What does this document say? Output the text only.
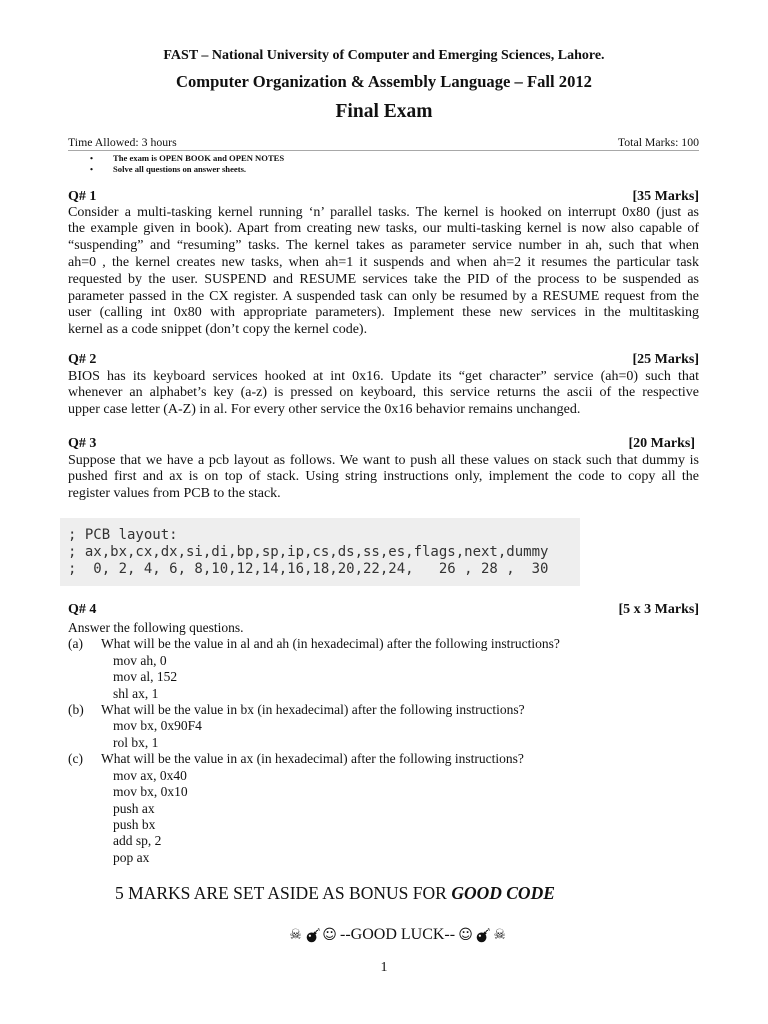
FAST – National University of Computer and Emerging Sciences, Lahore.
Computer Organization & Assembly Language – Fall 2012
Final Exam
Time Allowed: 3 hours	Total Marks: 100
• The exam is OPEN BOOK and OPEN NOTES
• Solve all questions on answer sheets.
Q# 1	[35 Marks]
Consider a multi-tasking kernel running ‘n’ parallel tasks. The kernel is hooked on interrupt 0x80 (just as
the example given in book). Apart from creating new tasks, our multi-tasking kernel is now also capable of
“suspending” and “resuming” tasks. The kernel takes as parameter service number in ah, such that when
ah=0 , the kernel creates new tasks, when ah=1 it suspends and when ah=2 it resumes the particular task
requested by the user. SUSPEND and RESUME services take the PID of the process to be suspended as
parameter passed in the CX register. A suspended task can only be resumed by a RESUME request from the
user (calling int 0x80 with appropriate parameters). Implement these new services in the multitasking
kernel as a code snippet (don’t copy the kernel code).
Q# 2	[25 Marks]
BIOS has its keyboard services hooked at int 0x16. Update its “get character” service (ah=0) such that
whenever an alphabet’s key (a-z) is pressed on keyboard, this service returns the ascii of the respective
upper case letter (A-Z) in al. For every other service the 0x16 behavior remains unchanged.
Q# 3	[20 Marks]
Suppose that we have a pcb layout as follows. We want to push all these values on stack such that dummy is
pushed first and ax is on top of stack. Using string instructions only, implement the code to copy all the
register values from PCB to the stack.
; PCB layout:
; ax,bx,cx,dx,si,di,bp,sp,ip,cs,ds,ss,es,flags,next,dummy
;  0, 2, 4, 6, 8,10,12,14,16,18,20,22,24,   26 , 28 ,  30
Q# 4	[5 x 3 Marks]
Answer the following questions.
(a) What will be the value in al and ah (in hexadecimal) after the following instructions?
mov ah, 0
mov al, 152
shl ax, 1
(b) What will be the value in bx (in hexadecimal) after the following instructions?
mov bx, 0x90F4
rol bx, 1
(c) What will be the value in ax (in hexadecimal) after the following instructions?
mov ax, 0x40
mov bx, 0x10
push ax
push bx
add sp, 2
pop ax
5 MARKS ARE SET ASIDE AS BONUS FOR GOOD CODE
☠ ☺ --GOOD LUCK-- ☺ ☠
1
